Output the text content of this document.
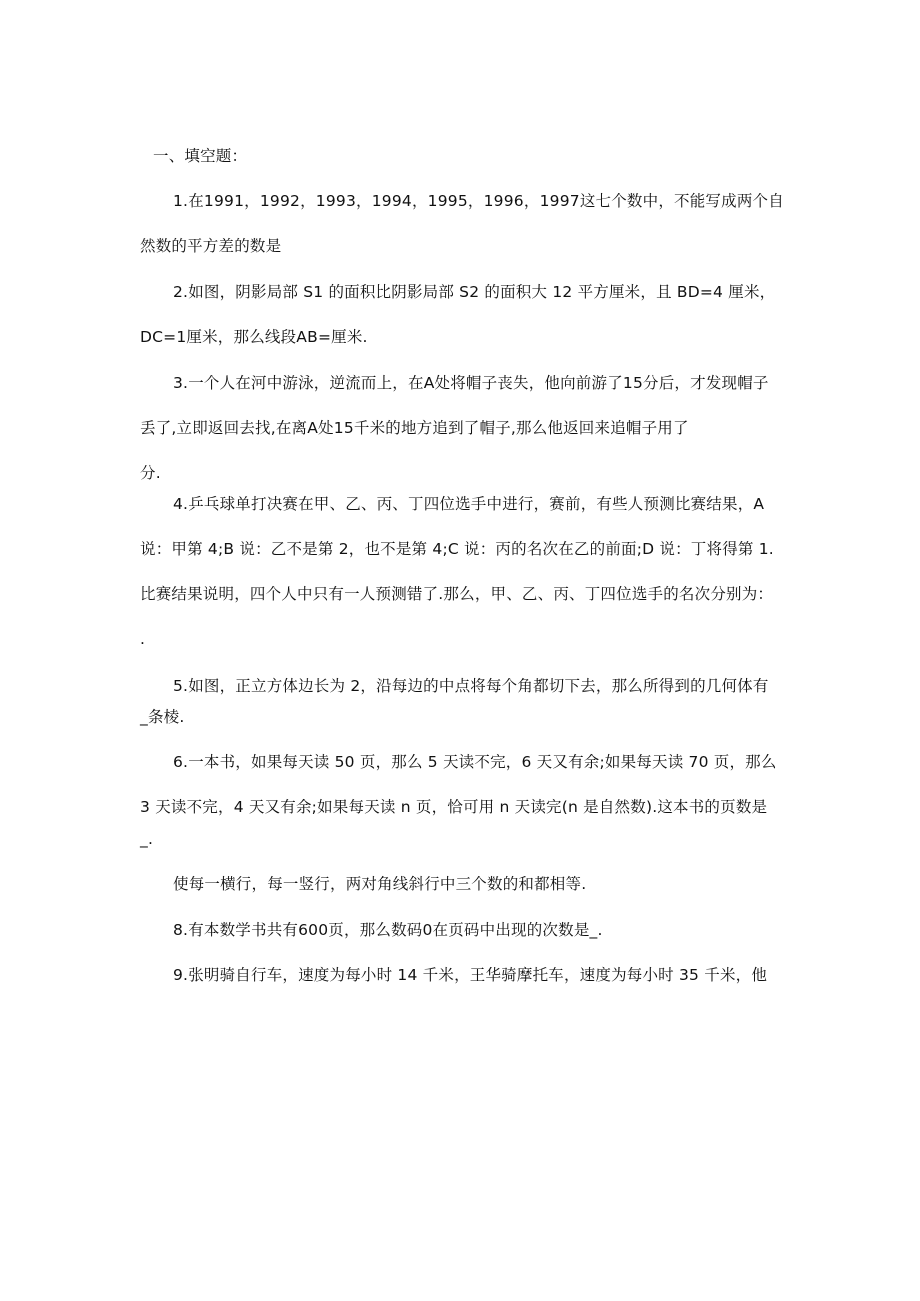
一、填空题：
1.在1991，1992，1993，1994，1995，1996，1997这七个数中，不能写成两个自
然数的平方差的数是
2.如图，阴影局部 S1 的面积比阴影局部 S2 的面积大 12 平方厘米，且 BD=4 厘米，
DC=1厘米，那么线段AB=厘米.
3.一个人在河中游泳，逆流而上，在A处将帽子丧失，他向前游了15分后，才发现帽子
丢了,立即返回去找,在离A处15千米的地方追到了帽子,那么他返回来追帽子用了
分.
4.乒乓球单打决赛在甲、乙、丙、丁四位选手中进行，赛前，有些人预测比赛结果，A
说：甲第 4;B 说：乙不是第 2，也不是第 4;C 说：丙的名次在乙的前面;D 说：丁将得第 1.
比赛结果说明，四个人中只有一人预测错了.那么，甲、乙、丙、丁四位选手的名次分别为：
.
5.如图，正立方体边长为 2，沿每边的中点将每个角都切下去，那么所得到的几何体有
_条棱.
6.一本书，如果每天读 50 页，那么 5 天读不完，6 天又有余;如果每天读 70 页，那么
3 天读不完，4 天又有余;如果每天读 n 页，恰可用 n 天读完(n 是自然数).这本书的页数是
_.
使每一横行，每一竖行，两对角线斜行中三个数的和都相等.
8.有本数学书共有600页，那么数码0在页码中出现的次数是_.
9.张明骑自行车，速度为每小时 14 千米，王华骑摩托车，速度为每小时 35 千米，他
